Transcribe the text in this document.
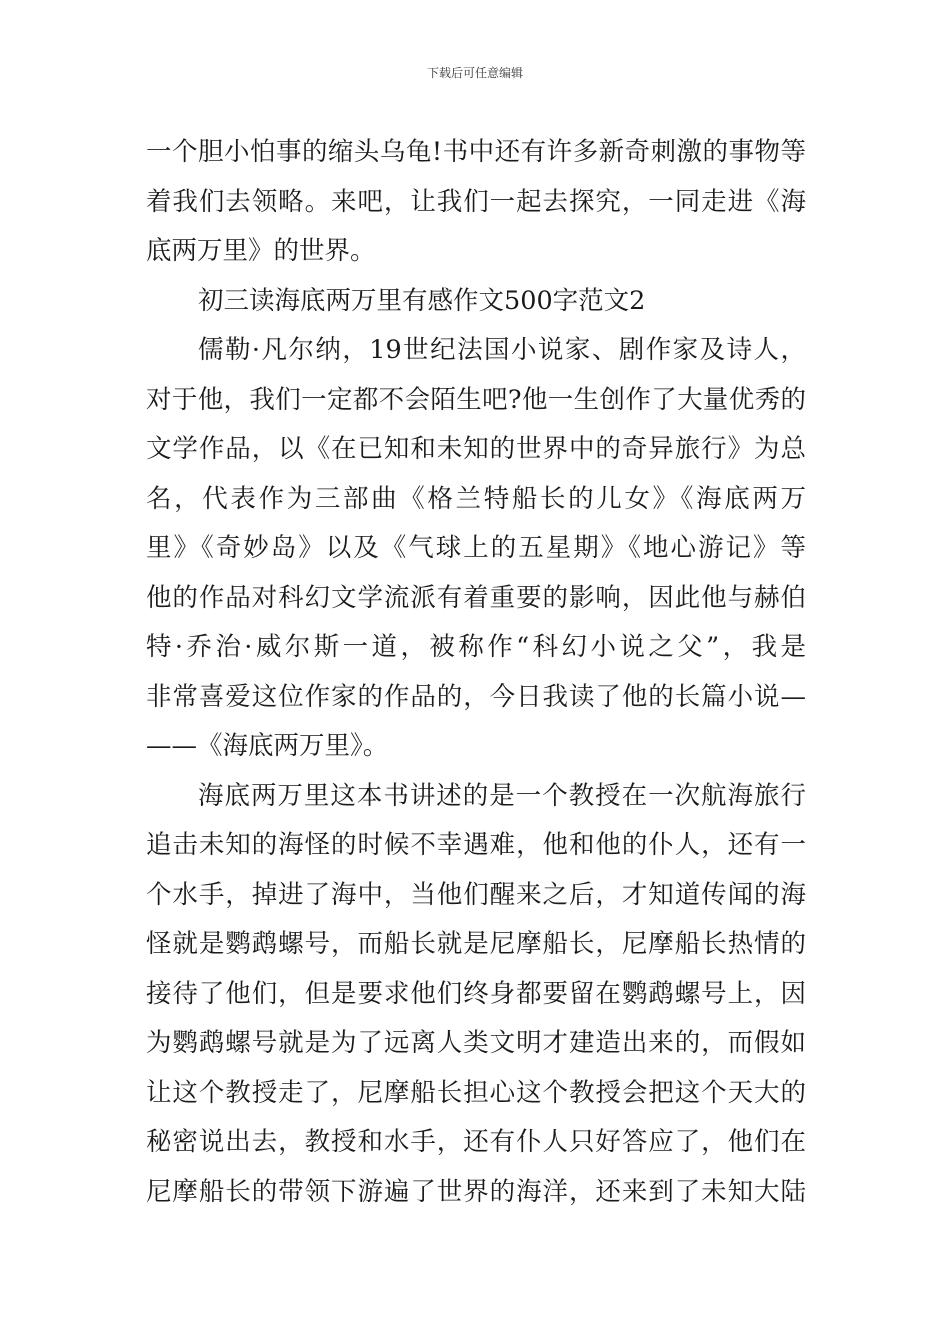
下载后可任意编辑
一个胆小怕事的缩头乌龟!书中还有许多新奇刺激的事物等
着我们去领略。来吧，让我们一起去探究，一同走进《海
底两万里》的世界。
初三读海底两万里有感作文500字范文2
儒勒·凡尔纳，19世纪法国小说家、剧作家及诗人，
对于他，我们一定都不会陌生吧?他一生创作了大量优秀的
文学作品，以《在已知和未知的世界中的奇异旅行》为总
名，代表作为三部曲《格兰特船长的儿女》《海底两万
里》《奇妙岛》以及《气球上的五星期》《地心游记》等
他的作品对科幻文学流派有着重要的影响，因此他与赫伯
特·乔治·威尔斯一道，被称作“科幻小说之父”，我是
非常喜爱这位作家的作品的，今日我读了他的长篇小说—
——《海底两万里》。
海底两万里这本书讲述的是一个教授在一次航海旅行
追击未知的海怪的时候不幸遇难，他和他的仆人，还有一
个水手，掉进了海中，当他们醒来之后，才知道传闻的海
怪就是鹦鹉螺号，而船长就是尼摩船长，尼摩船长热情的
接待了他们，但是要求他们终身都要留在鹦鹉螺号上，因
为鹦鹉螺号就是为了远离人类文明才建造出来的，而假如
让这个教授走了，尼摩船长担心这个教授会把这个天大的
秘密说出去，教授和水手，还有仆人只好答应了，他们在
尼摩船长的带领下游遍了世界的海洋，还来到了未知大陆
